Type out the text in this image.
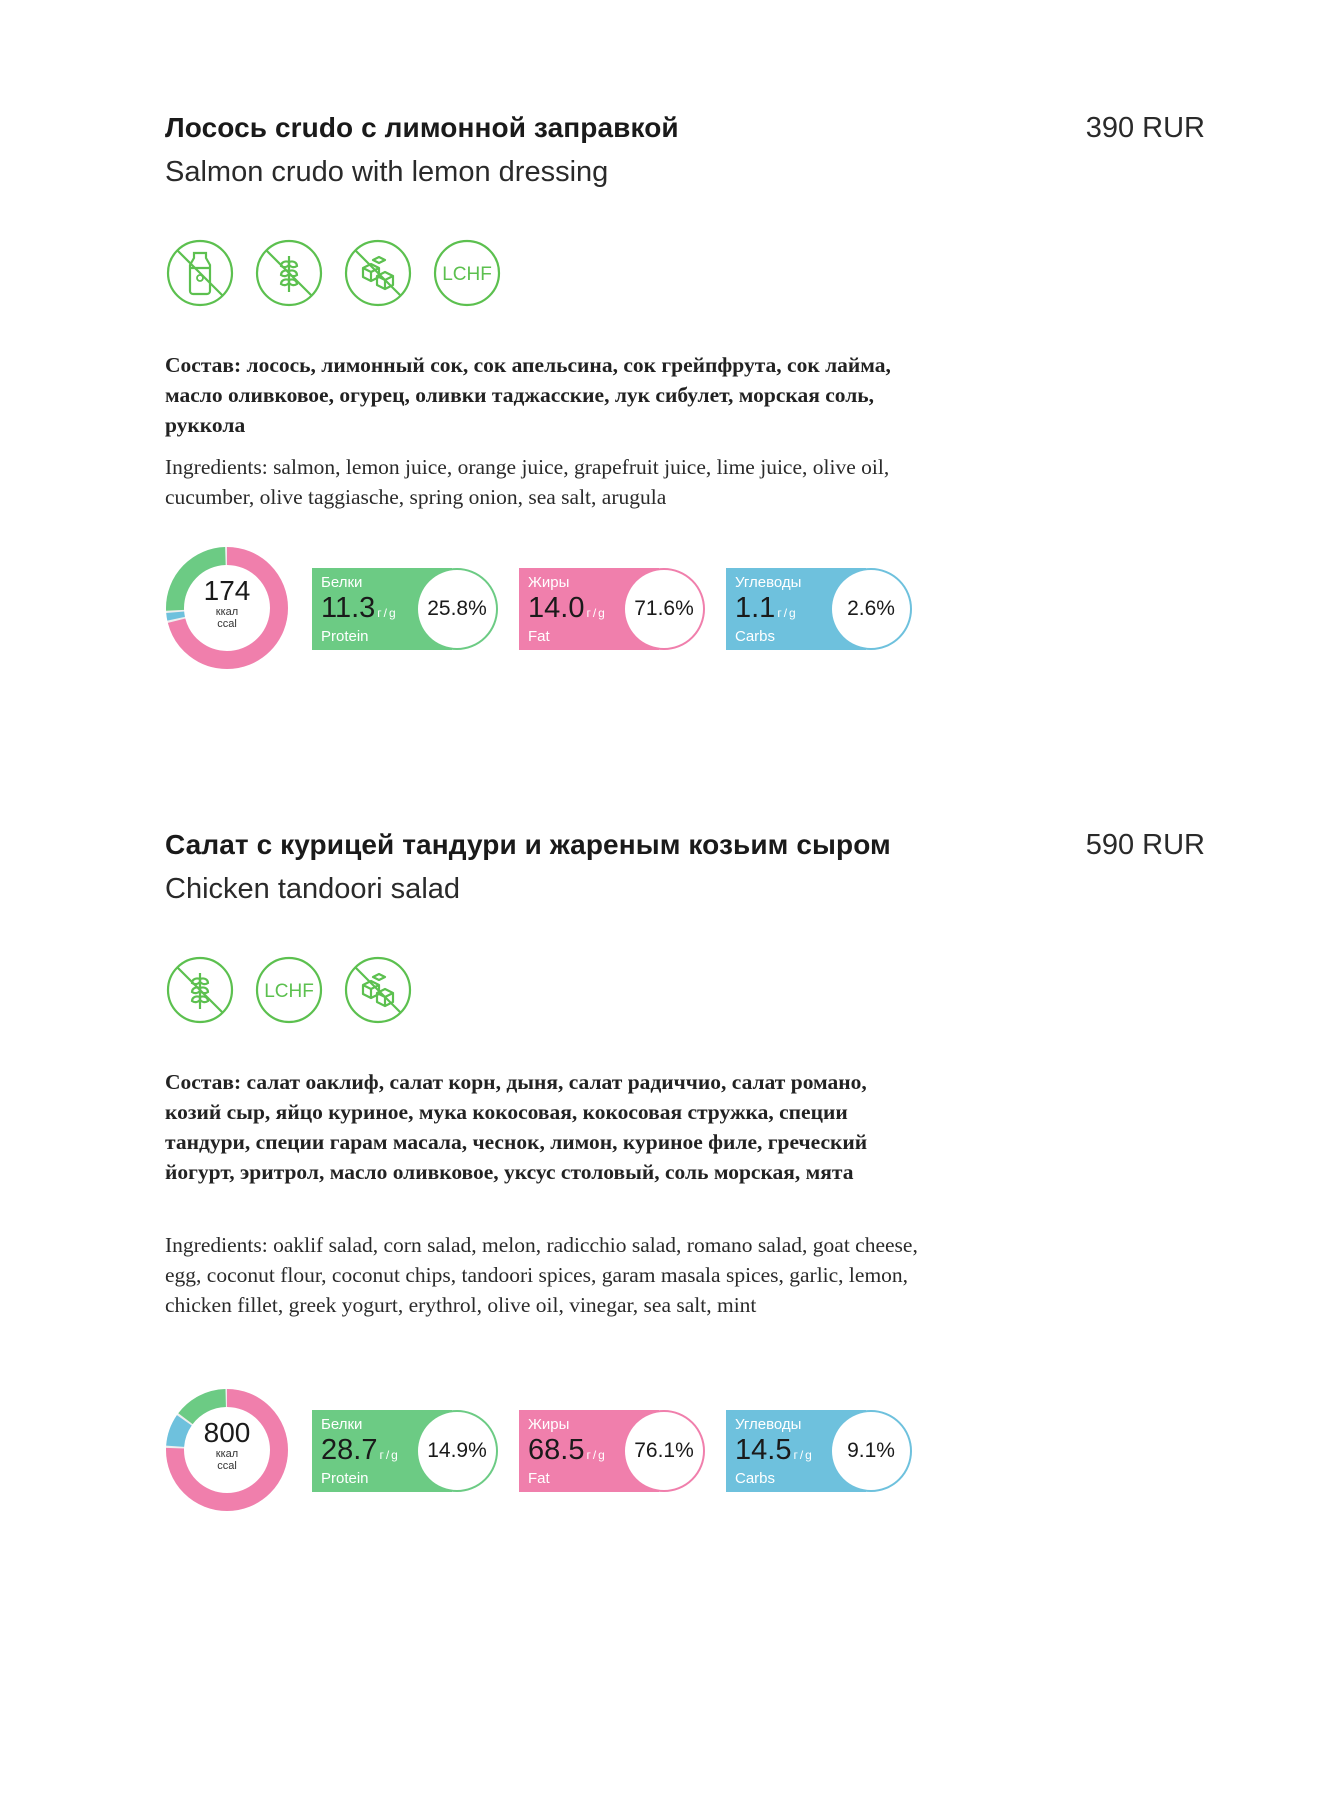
Лосось crudo с лимонной заправкой
Salmon crudo with lemon dressing
390 RUR
LCHF
Состав: лосось, лимонный сок, сок апельсина, сок грейпфрута, сок лайма, масло оливковое, огурец, оливки таджасские, лук сибулет, морская соль, руккола
Ingredients: salmon, lemon juice, orange juice, grapefruit juice, lime juice, olive oil, cucumber, olive taggiasche, spring onion, sea salt, arugula
174
ккал
ccal
Белки
11.3 г/g
Protein
25.8%
Жиры
14.0 г/g
Fat
71.6%
Углеводы
1.1 г/g
Carbs
2.6%
Салат с курицей тандури и жареным козьим сыром
Chicken tandoori salad
590 RUR
LCHF
Состав: салат оаклиф, салат корн, дыня, салат радиччио, салат романо, козий сыр, яйцо куриное, мука кокосовая, кокосовая стружка, специи тандури, специи гарам масала, чеснок, лимон, куриное филе, греческий йогурт, эритрол, масло оливковое, уксус столовый, соль морская, мята
Ingredients: oaklif salad, corn salad, melon, radicchio salad, romano salad, goat cheese, egg, coconut flour, coconut chips, tandoori spices, garam masala spices, garlic, lemon, chicken fillet, greek yogurt, erythrol, olive oil, vinegar, sea salt, mint
800
ккал
ccal
Белки
28.7 г/g
Protein
14.9%
Жиры
68.5 г/g
Fat
76.1%
Углеводы
14.5 г/g
Carbs
9.1%
